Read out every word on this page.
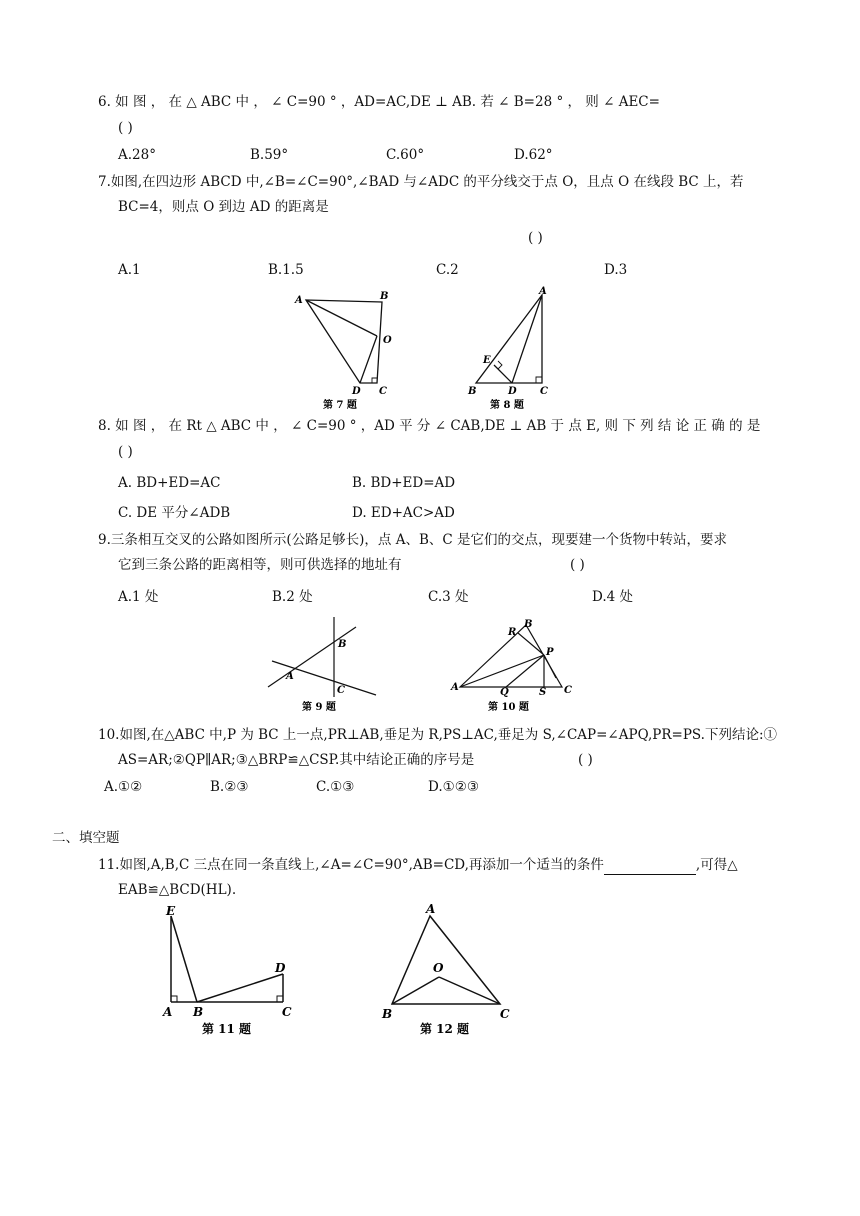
6. 如 图 ， 在 △ ABC 中 ， ∠ C=90 ° ，AD=AC,DE ⊥ AB. 若 ∠ B=28 ° ， 则 ∠ AEC=
( )
A.28°	B.59°	C.60°	D.62°
7.如图,在四边形 ABCD 中,∠B=∠C=90°,∠BAD 与∠ADC 的平分线交于点 O，且点 O 在线段 BC 上，若
BC=4，则点 O 到边 AD 的距离是
( )
A.1	B.1.5	C.2	D.3
A	B
O
D C
第 7 题
A
E
B	D C
第 8 题
8. 如 图 ， 在 Rt △ ABC 中 ， ∠ C=90 ° ，AD 平 分 ∠ CAB,DE ⊥ AB 于 点 E, 则 下 列 结 论 正 确 的 是
( )
A. BD+ED=AC	B. BD+ED=AD
C. DE 平分∠ADB	D. ED+AC>AD
9.三条相互交叉的公路如图所示(公路足够长)，点 A、B、C 是它们的交点，现要建一个货物中转站，要求
它到三条公路的距离相等，则可供选择的地址有	( )
A.1 处	B.2 处	C.3 处	D.4 处
B
A
C
第 9 题
R
B
P
A	Q	S C
第 10 题
10.如图,在△ABC 中,P 为 BC 上一点,PR⊥AB,垂足为 R,PS⊥AC,垂足为 S,∠CAP=∠APQ,PR=PS.下列结论:①
AS=AR;②QP∥AR;③△BRP≌△CSP.其中结论正确的序号是	( )
A.①②	B.②③	C.①③	D.①②③
二、填空题
11.如图,A,B,C 三点在同一条直线上,∠A=∠C=90°,AB=CD,再添加一个适当的条件	,可得△
EAB≌△BCD(HL).
E
D
A B	C
第 11 题
A
O
B	C
第 12 题
